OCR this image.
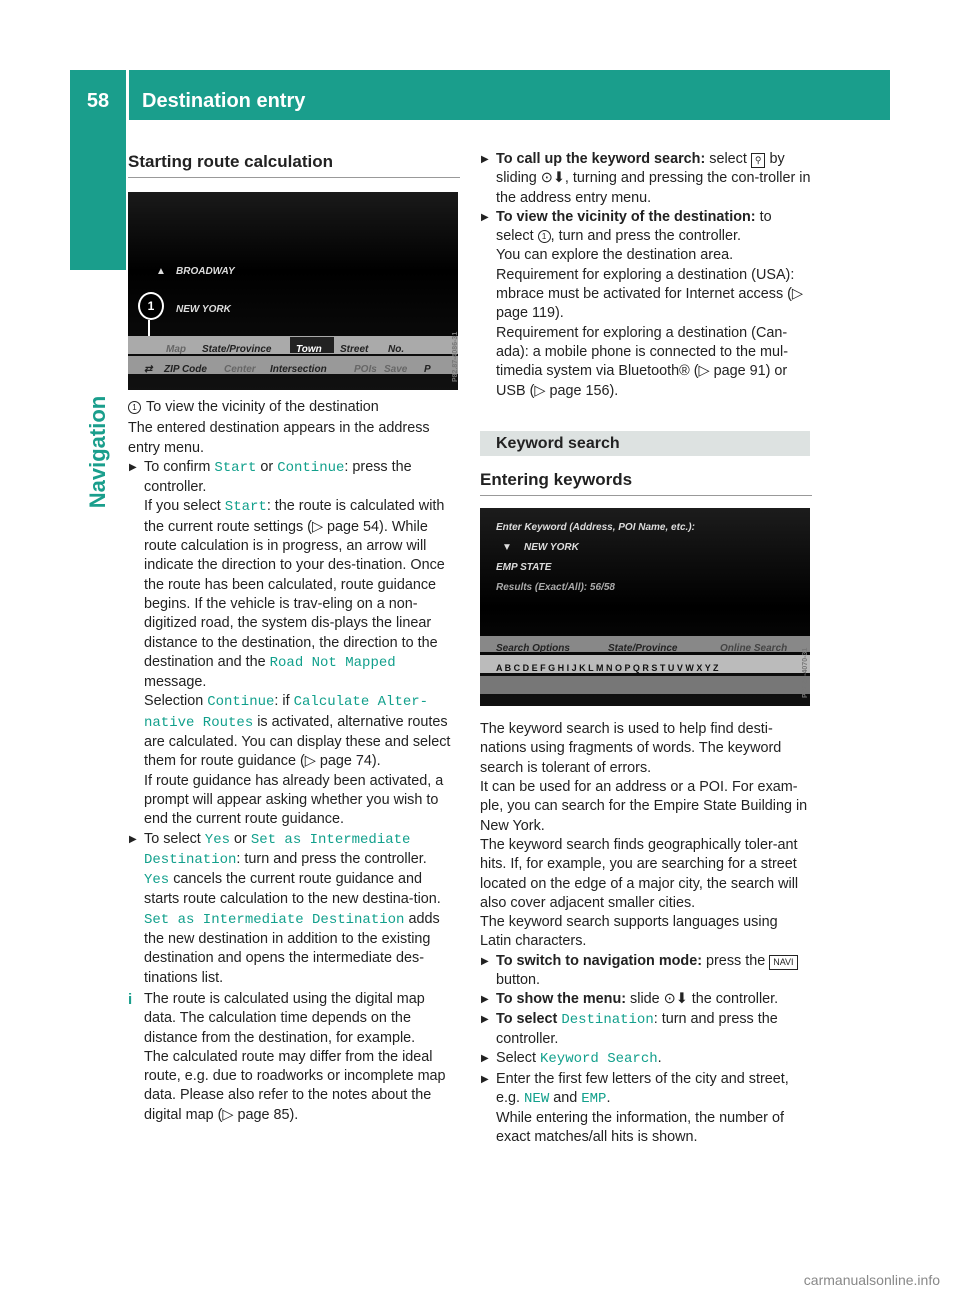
58	Destination entry
Navigation
Starting route calculation
▲ BROADWAY
NEW YORK
1
Map State/Province Town Street No.
⇄ ZIP Code Center Intersection	POIs Save P	P82.87-4086-31

1 To view the vicinity of the destination

The entered destination appears in the address entry menu.

▶ To confirm Start or Continue: press the controller.
If you select Start: the route is calculated with the current route settings (▷ page 54). While route calculation is in progress, an arrow will indicate the direction to your des-tination. Once the route has been calculated, route guidance begins. If the vehicle is trav-eling on a non-digitized road, the system dis-plays the linear distance to the destination, the direction to the destination and the Road Not Mapped message.

Selection Continue: if Calculate Alter‐native Routes is activated, alternative routes are calculated. You can display these and select them for route guidance (▷ page 74).

If route guidance has already been activated, a prompt will appear asking whether you wish to end the current route guidance.

▶ To select Yes or Set as Intermediate Destination: turn and press the controller.

Yes cancels the current route guidance and starts route calculation to the new destina-tion.

Set as Intermediate Destination adds the new destination in addition to the existing destination and opens the intermediate des-tinations list.

i The route is calculated using the digital map data. The calculation time depends on the distance from the destination, for example.

The calculated route may differ from the ideal route, e.g. due to roadworks or incomplete map data. Please also refer to the notes about the digital map (▷ page 85).

▶ To call up the keyword search: select ⚲ by sliding ⊙⬇, turning and pressing the con-troller in the address entry menu.
▶ To view the vicinity of the destination: to select 1 , turn and press the controller.

You can explore the destination area.

Requirement for exploring a destination (USA): mbrace must be activated for Internet access (▷ page 119).

Requirement for exploring a destination (Can-ada): a mobile phone is connected to the mul-timedia system via Bluetooth® (▷ page 91) or USB (▷ page 156).

Keyword search
Entering keywords
Enter Keyword (Address, POI Name, etc.):
▼ NEW YORK
EMP STATE
Results (Exact/All): 56/58
Search Options	State/Province	Online Search
A B C D E F G H I J K L M N O P Q R S T U V W X Y Z	P82.87-4070-31

The keyword search is used to help find desti-nations using fragments of words. The keyword search is tolerant of errors.

It can be used for an address or a POI. For exam-ple, you can search for the Empire State Building in New York.

The keyword search finds geographically toler-ant hits. If, for example, you are searching for a street located on the edge of a major city, the search will also cover adjacent smaller cities.

The keyword search supports languages using Latin characters.

▶ To switch to navigation mode: press the NAVI button.
▶ To show the menu: slide ⊙⬇ the controller.
▶ To select Destination: turn and press the controller.
▶ Select Keyword Search.
▶ Enter the first few letters of the city and street, e.g. NEW and EMP.

While entering the information, the number of exact matches/all hits is shown.

carmanualsonline.info
